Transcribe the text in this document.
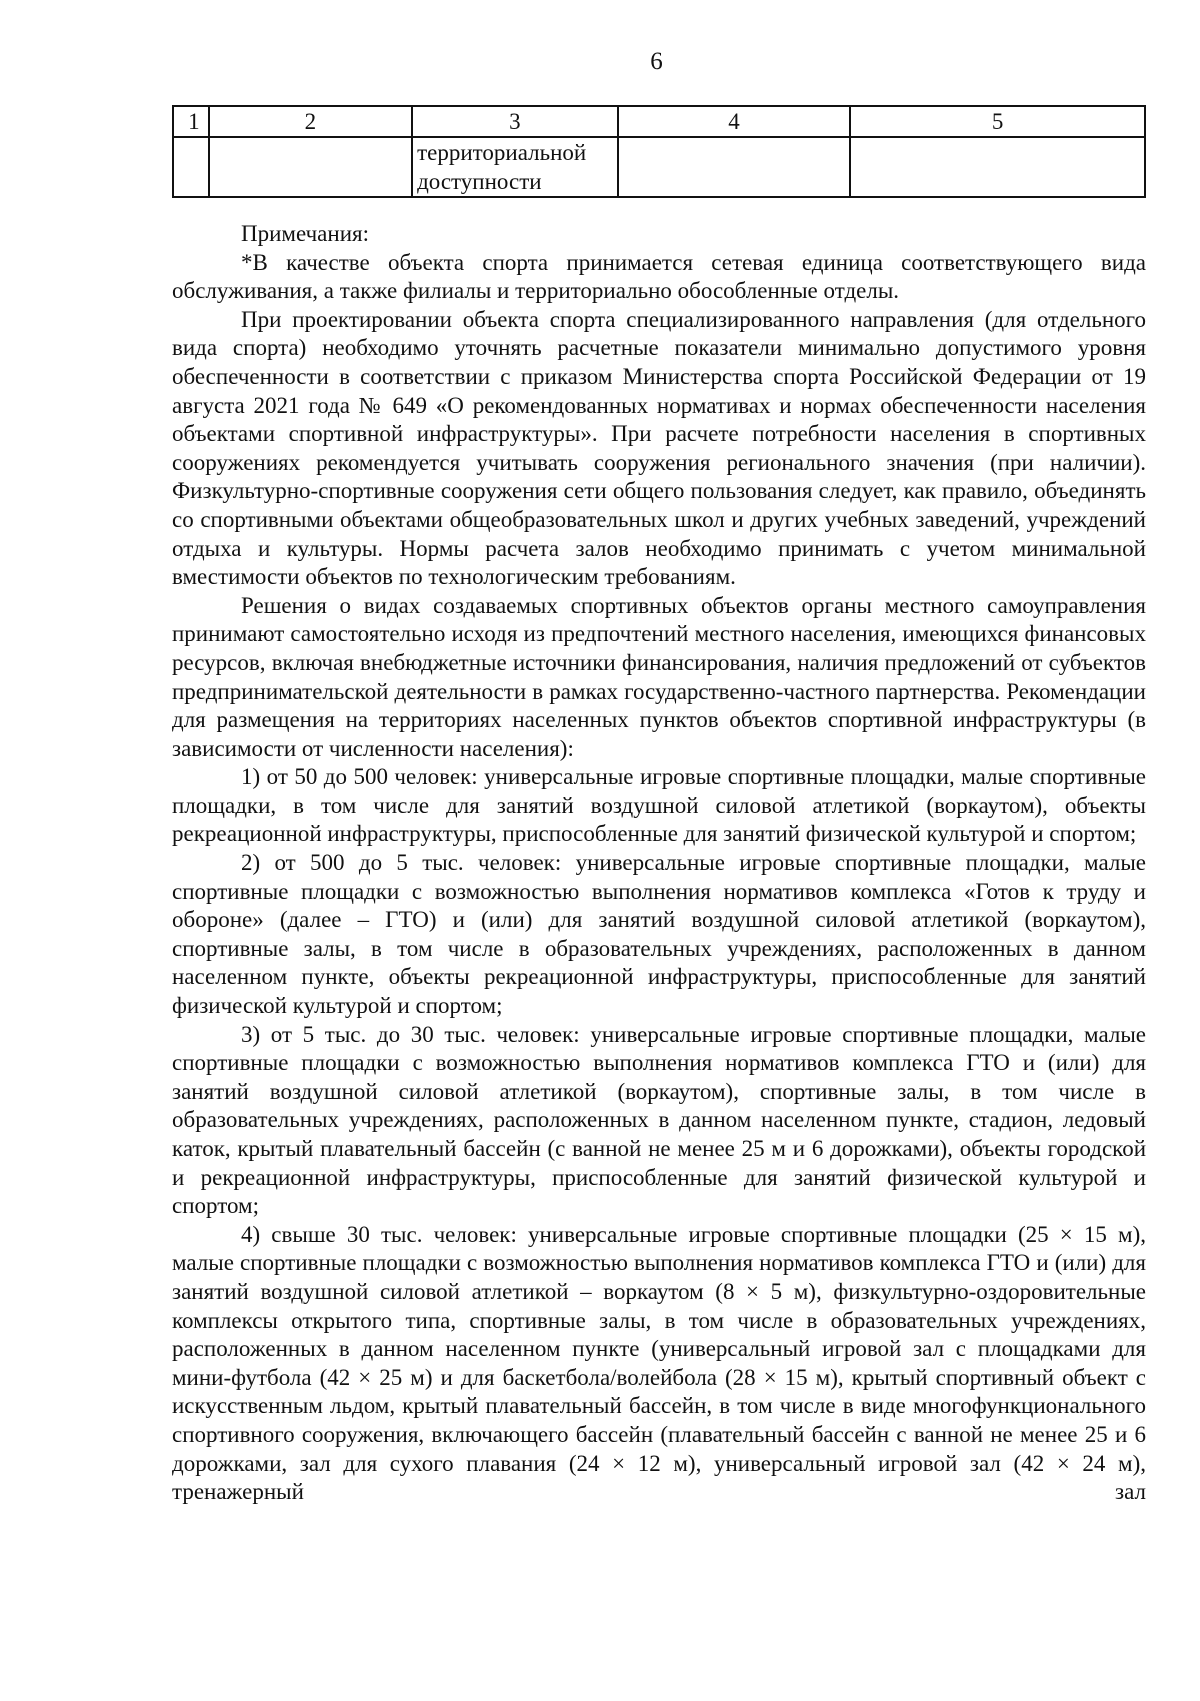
6
1	2	3	4	5

		территориальной
доступности		

Примечания:

*В качестве объекта спорта принимается сетевая единица соответствующего вида обслуживания, а также филиалы и территориально обособленные отделы.

При проектировании объекта спорта специализированного направления (для отдельного вида спорта) необходимо уточнять расчетные показатели минимально допустимого уровня обеспеченности в соответствии с приказом Министерства спорта Российской Федерации от 19 августа 2021 года № 649 «О рекомендованных нормативах и нормах обеспеченности населения объектами спортивной инфраструктуры». При расчете потребности населения в спортивных сооружениях рекомендуется учитывать сооружения регионального значения (при наличии). Физкультурно-спортивные сооружения сети общего пользования следует, как правило, объединять со спортивными объектами общеобразовательных школ и других учебных заведений, учреждений отдыха и культуры. Нормы расчета залов необходимо принимать с учетом минимальной вместимости объектов по технологическим требованиям.

Решения о видах создаваемых спортивных объектов органы местного самоуправления принимают самостоятельно исходя из предпочтений местного населения, имеющихся финансовых ресурсов, включая внебюджетные источники финансирования, наличия предложений от субъектов предпринимательской деятельности в рамках государственно-частного партнерства. Рекомендации для размещения на территориях населенных пунктов объектов спортивной инфраструктуры (в зависимости от численности населения):

1) от 50 до 500 человек: универсальные игровые спортивные площадки, малые спортивные площадки, в том числе для занятий воздушной силовой атлетикой (воркаутом), объекты рекреационной инфраструктуры, приспособленные для занятий физической культурой и спортом;

2) от 500 до 5 тыс. человек: универсальные игровые спортивные площадки, малые спортивные площадки с возможностью выполнения нормативов комплекса «Готов к труду и обороне» (далее – ГТО) и (или) для занятий воздушной силовой атлетикой (воркаутом), спортивные залы, в том числе в образовательных учреждениях, расположенных в данном населенном пункте, объекты рекреационной инфраструктуры, приспособленные для занятий физической культурой и спортом;

3) от 5 тыс. до 30 тыс. человек: универсальные игровые спортивные площадки, малые спортивные площадки с возможностью выполнения нормативов комплекса ГТО и (или) для занятий воздушной силовой атлетикой (воркаутом), спортивные залы, в том числе в образовательных учреждениях, расположенных в данном населенном пункте, стадион, ледовый каток, крытый плавательный бассейн (с ванной не менее 25 м и 6 дорожками), объекты городской и рекреационной инфраструктуры, приспособленные для занятий физической культурой и спортом;

4) свыше 30 тыс. человек: универсальные игровые спортивные площадки (25 × 15 м), малые спортивные площадки с возможностью выполнения нормативов комплекса ГТО и (или) для занятий воздушной силовой атлетикой – воркаутом (8 × 5 м), физкультурно-оздоровительные комплексы открытого типа, спортивные залы, в том числе в образовательных учреждениях, расположенных в данном населенном пункте (универсальный игровой зал с площадками для мини-футбола (42 × 25 м) и для баскетбола/волейбола (28 × 15 м), крытый спортивный объект с искусственным льдом, крытый плавательный бассейн, в том числе в виде многофункционального спортивного сооружения, включающего бассейн (плавательный бассейн с ванной не менее 25 и 6 дорожками, зал для сухого плавания (24 × 12 м), универсальный игровой зал (42 × 24 м), тренажерный зал
